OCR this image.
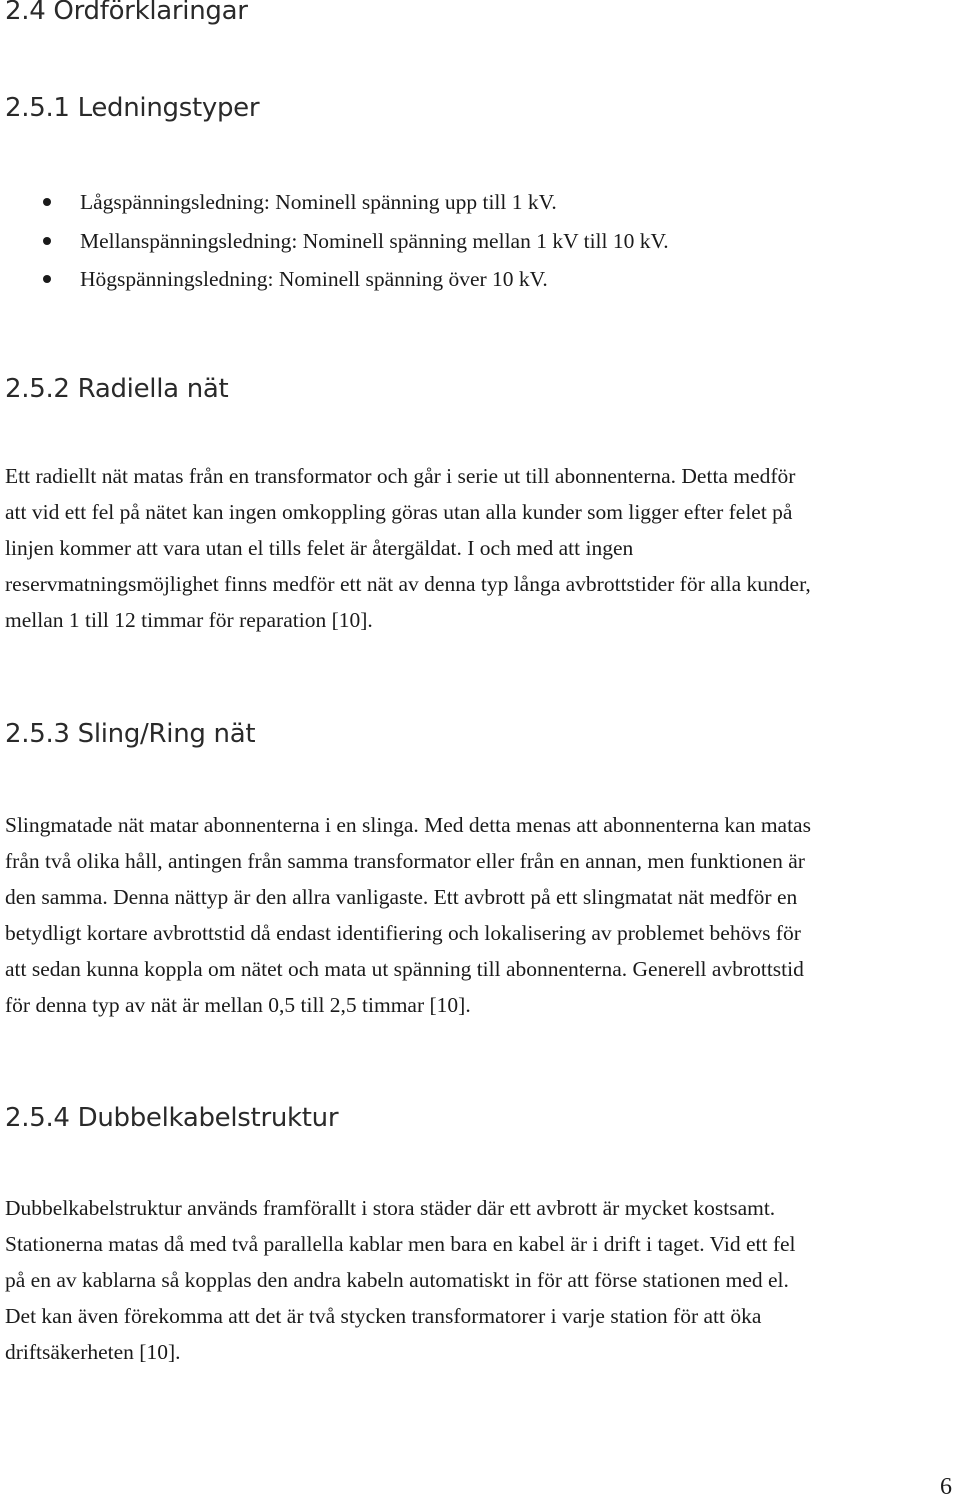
2.4 Ordförklaringar
2.5.1 Ledningstyper
Lågspänningsledning: Nominell spänning upp till 1 kV.
Mellanspänningsledning: Nominell spänning mellan 1 kV till 10 kV.
Högspänningsledning: Nominell spänning över 10 kV.
2.5.2 Radiella nät

Ett radiellt nät matas från en transformator och går i serie ut till abonnenterna. Detta medför
att vid ett fel på nätet kan ingen omkoppling göras utan alla kunder som ligger efter felet på
linjen kommer att vara utan el tills felet är återgäldat. I och med att ingen
reservmatningsmöjlighet finns medför ett nät av denna typ långa avbrottstider för alla kunder,
mellan 1 till 12 timmar för reparation [10].

2.5.3 Sling/Ring nät

Slingmatade nät matar abonnenterna i en slinga. Med detta menas att abonnenterna kan matas
från två olika håll, antingen från samma transformator eller från en annan, men funktionen är
den samma. Denna nättyp är den allra vanligaste. Ett avbrott på ett slingmatat nät medför en
betydligt kortare avbrottstid då endast identifiering och lokalisering av problemet behövs för
att sedan kunna koppla om nätet och mata ut spänning till abonnenterna. Generell avbrottstid
för denna typ av nät är mellan 0,5 till 2,5 timmar [10].

2.5.4 Dubbelkabelstruktur

Dubbelkabelstruktur används framförallt i stora städer där ett avbrott är mycket kostsamt.
Stationerna matas då med två parallella kablar men bara en kabel är i drift i taget. Vid ett fel
på en av kablarna så kopplas den andra kabeln automatiskt in för att förse stationen med el.
Det kan även förekomma att det är två stycken transformatorer i varje station för att öka
driftsäkerheten [10].

6
